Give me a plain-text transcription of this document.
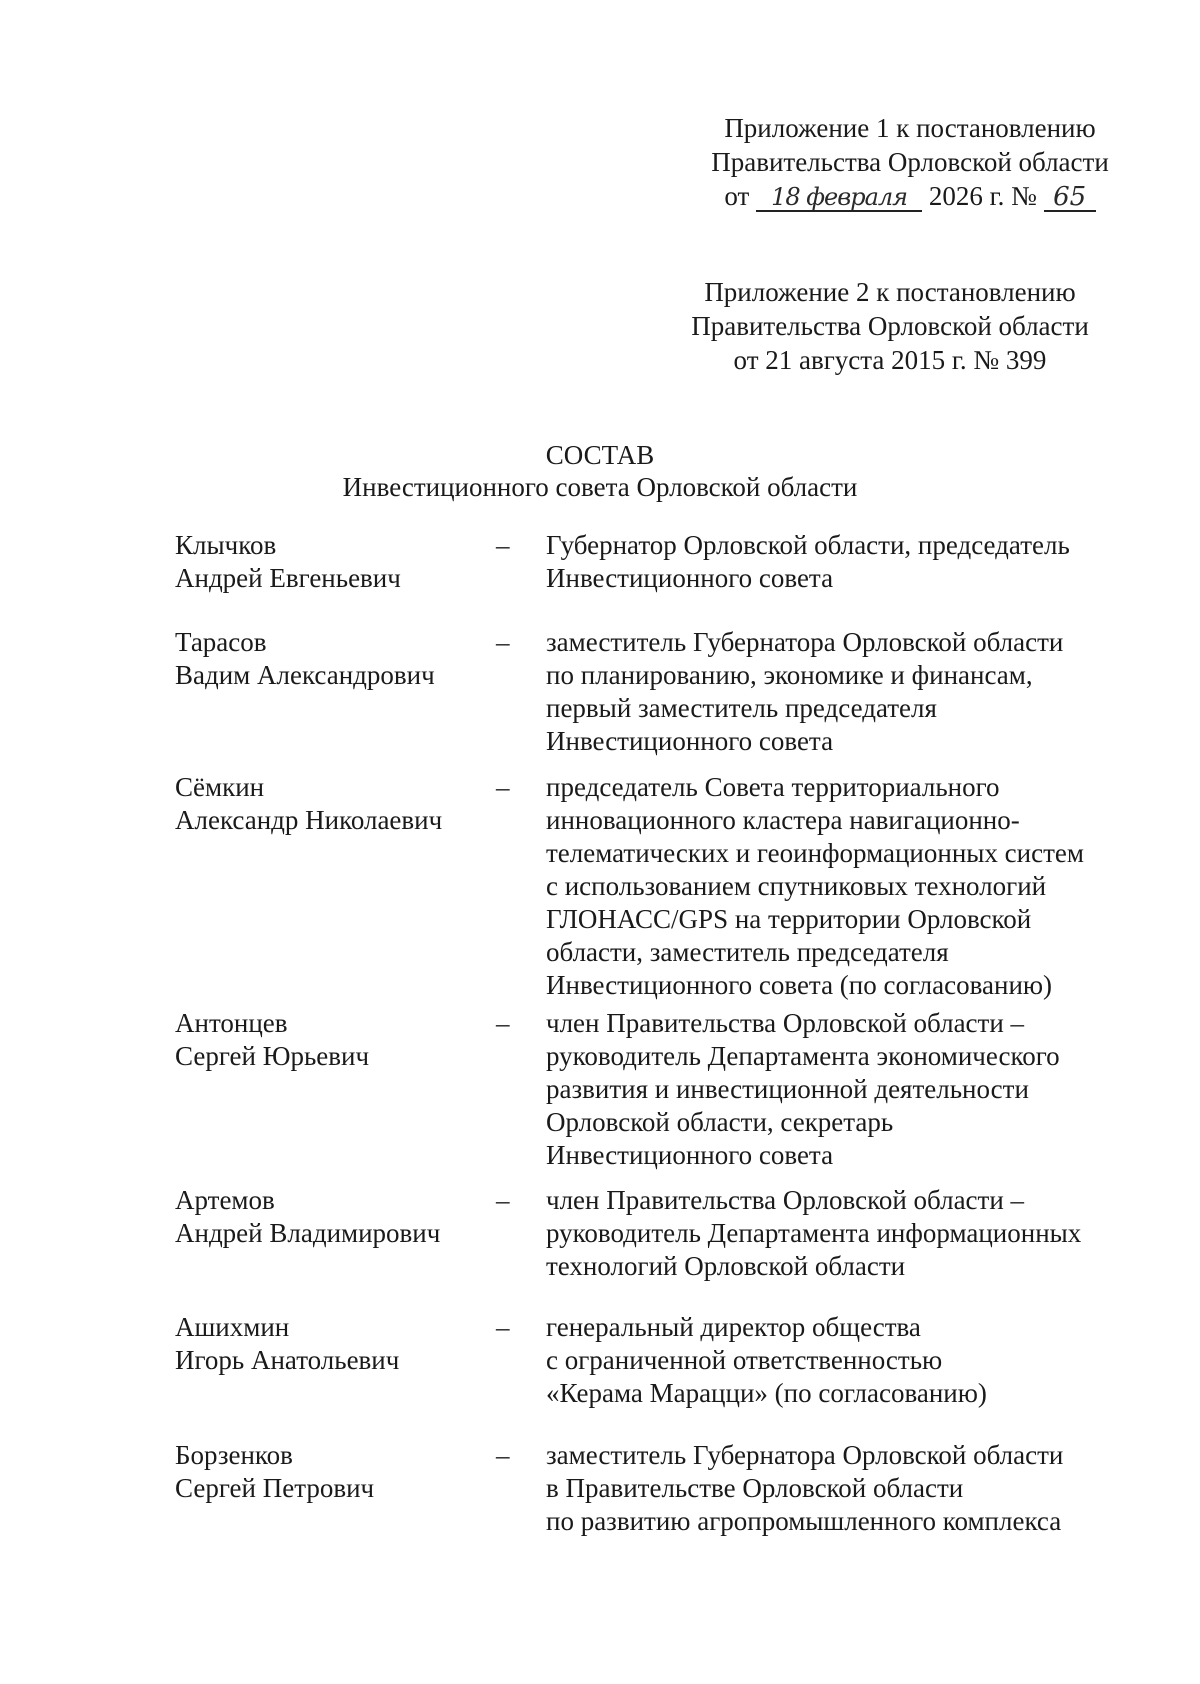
Приложение 1 к постановлению
Правительства Орловской области
от 18 февраля 2026 г. № 65
Приложение 2 к постановлению
Правительства Орловской области
от 21 августа 2015 г. № 399
СОСТАВ
Инвестиционного совета Орловской области
Клычков
Андрей Евгеньевич
– Губернатор Орловской области, председатель
Инвестиционного совета
Тарасов
Вадим Александрович
– заместитель Губернатора Орловской области
по планированию, экономике и финансам,
первый заместитель председателя
Инвестиционного совета
Сёмкин
Александр Николаевич
– председатель Совета территориального
инновационного кластера навигационно-
телематических и геоинформационных систем
с использованием спутниковых технологий
ГЛОНАСС/GPS на территории Орловской
области, заместитель председателя
Инвестиционного совета (по согласованию)
Антонцев
Сергей Юрьевич
– член Правительства Орловской области –
руководитель Департамента экономического
развития и инвестиционной деятельности
Орловской области, секретарь
Инвестиционного совета
Артемов
Андрей Владимирович
– член Правительства Орловской области –
руководитель Департамента информационных
технологий Орловской области
Ашихмин
Игорь Анатольевич
– генеральный директор общества
с ограниченной ответственностью
«Керама Марацци» (по согласованию)
Борзенков
Сергей Петрович
– заместитель Губернатора Орловской области
в Правительстве Орловской области
по развитию агропромышленного комплекса
